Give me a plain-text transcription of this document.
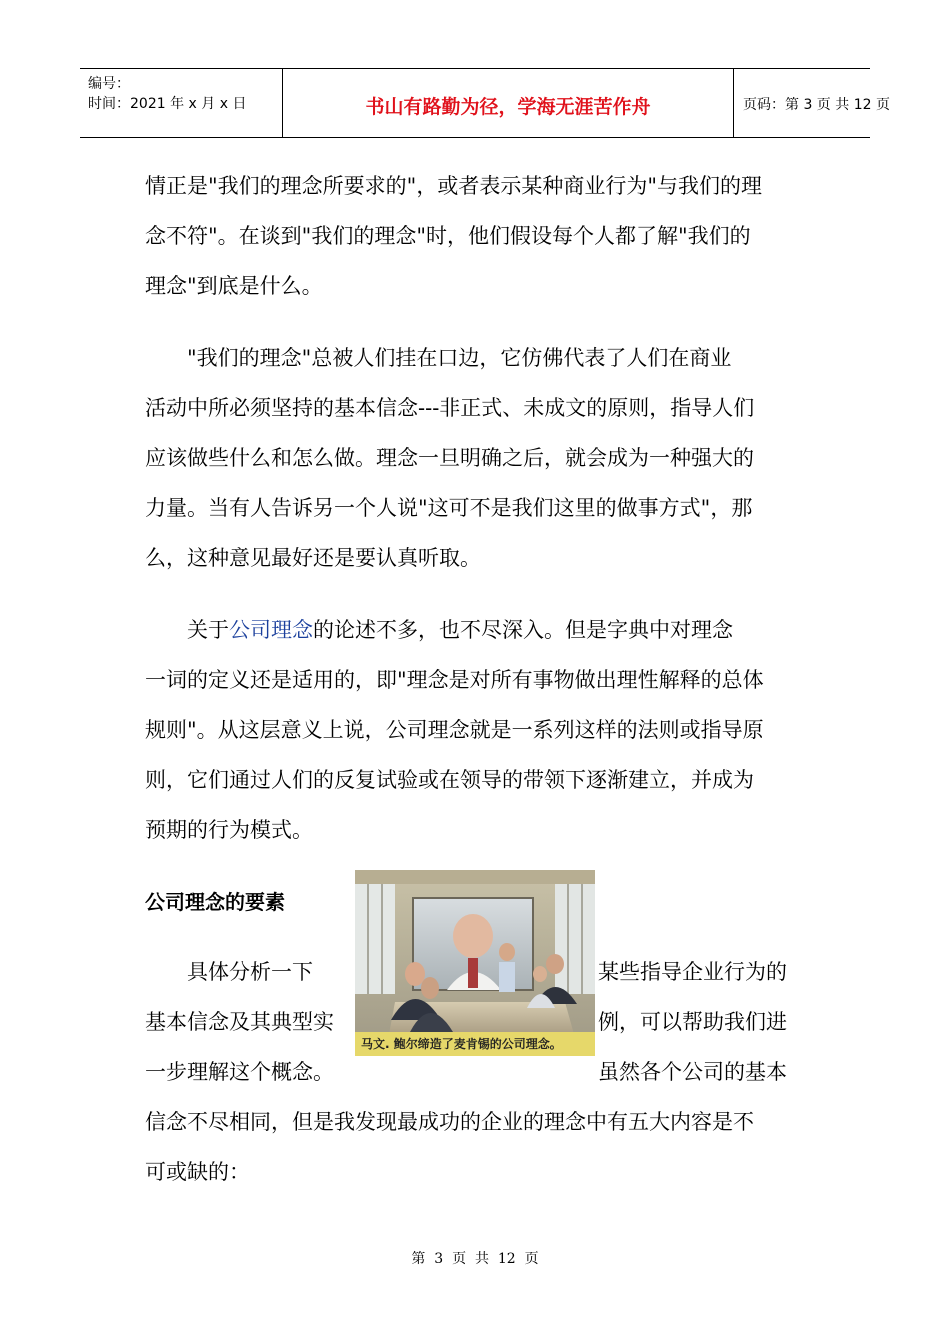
编号：
时间：2021 年 x 月 x 日	书山有路勤为径，学海无涯苦作舟	页码：第 3 页 共 12 页
情正是"我们的理念所要求的"，或者表示某种商业行为"与我们的理
念不符"。在谈到"我们的理念"时，他们假设每个人都了解"我们的
理念"到底是什么。
　　"我们的理念"总被人们挂在口边，它仿佛代表了人们在商业
活动中所必须坚持的基本信念---非正式、未成文的原则，指导人们
应该做些什么和怎么做。理念一旦明确之后，就会成为一种强大的
力量。当有人告诉另一个人说"这可不是我们这里的做事方式"，那
么，这种意见最好还是要认真听取。
　　关于公司理念的论述不多，也不尽深入。但是字典中对理念
一词的定义还是适用的，即"理念是对所有事物做出理性解释的总体
规则"。从这层意义上说，公司理念就是一系列这样的法则或指导原
则，它们通过人们的反复试验或在领导的带领下逐渐建立，并成为
预期的行为模式。
公司理念的要素
马文. 鲍尔缔造了麦肯锡的公司理念。
　　具体分析一下	某些指导企业行为的
基本信念及其典型实	例，可以帮助我们进
一步理解这个概念。	虽然各个公司的基本
信念不尽相同，但是我发现最成功的企业的理念中有五大内容是不
可或缺的：
第  3  页  共  12  页
